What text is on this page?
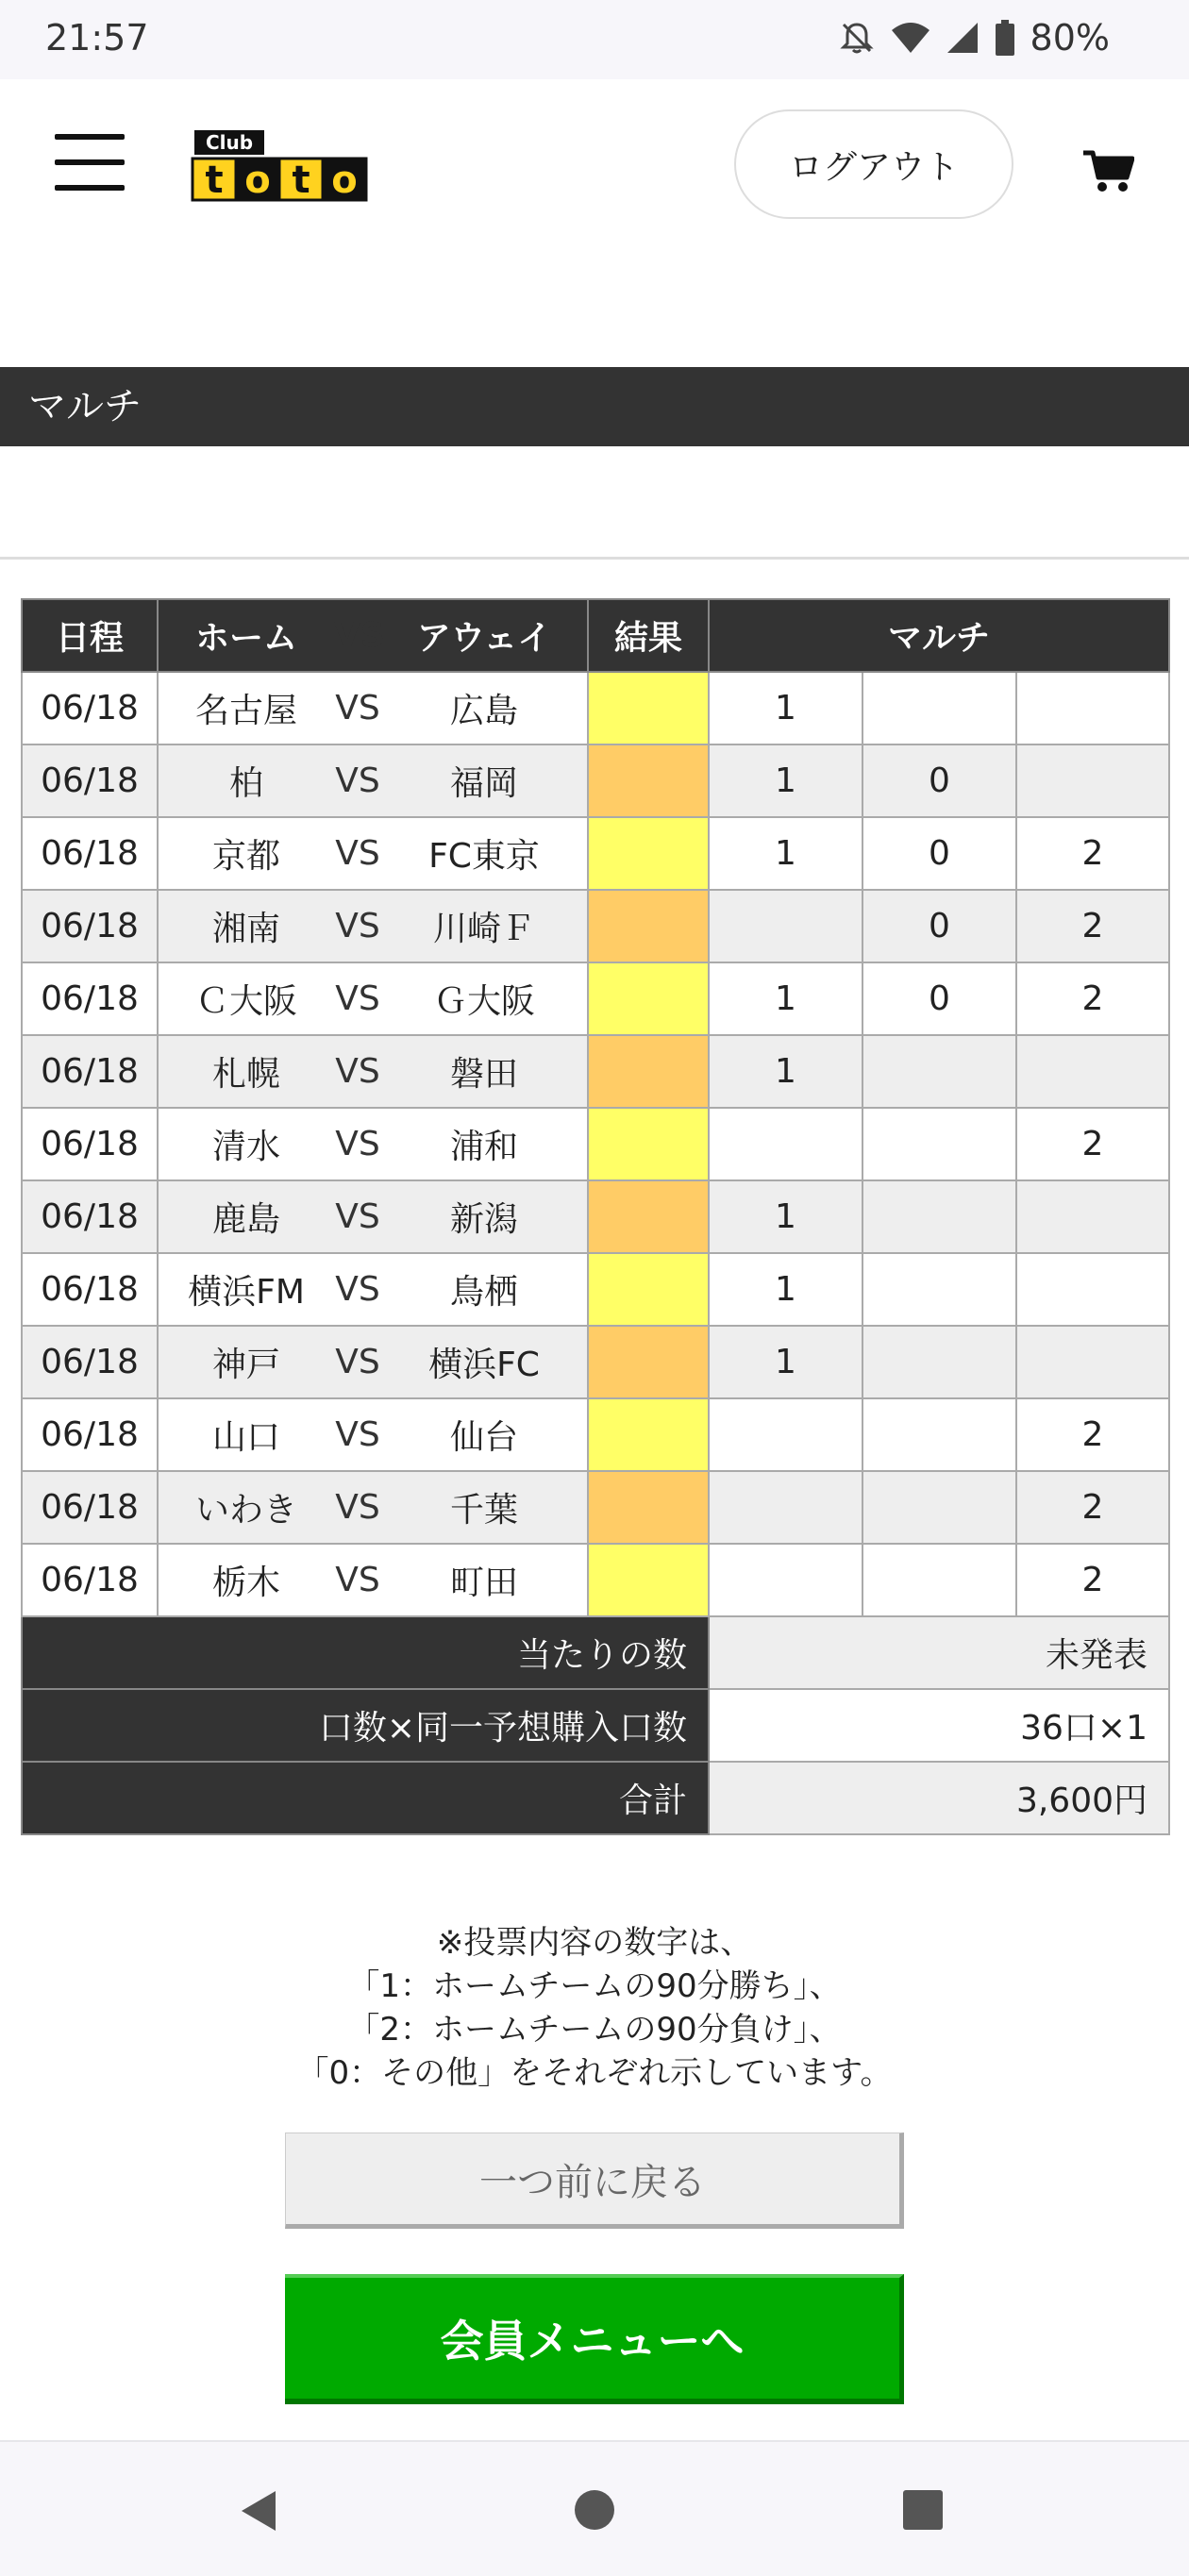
21:57	80%
Club
t o t o	ログアウト
マルチ
日程	ホーム VS アウェイ	結果	マルチ		
06/18	名古屋 VS 広島		1		
06/18	柏 VS 福岡		1	0	
06/18	京都 VS FC東京		1	0	2
06/18	湘南 VS 川崎Ｆ			0	2
06/18	Ｃ大阪 VS Ｇ大阪		1	0	2
06/18	札幌 VS 磐田		1		
06/18	清水 VS 浦和				2
06/18	鹿島 VS 新潟		1		
06/18	横浜FM VS 鳥栖		1		
06/18	神戸 VS 横浜FC		1		
06/18	山口 VS 仙台				2
06/18	いわき VS 千葉				2
06/18	栃木 VS 町田				2
当たりの数			未発表		
口数×同一予想購入口数			36口×1		
合計			3,600円		
※投票内容の数字は、
「1：ホームチームの90分勝ち」、
「2：ホームチームの90分負け」、
「0：その他」をそれぞれ示しています。
一つ前に戻る
会員メニューへ
